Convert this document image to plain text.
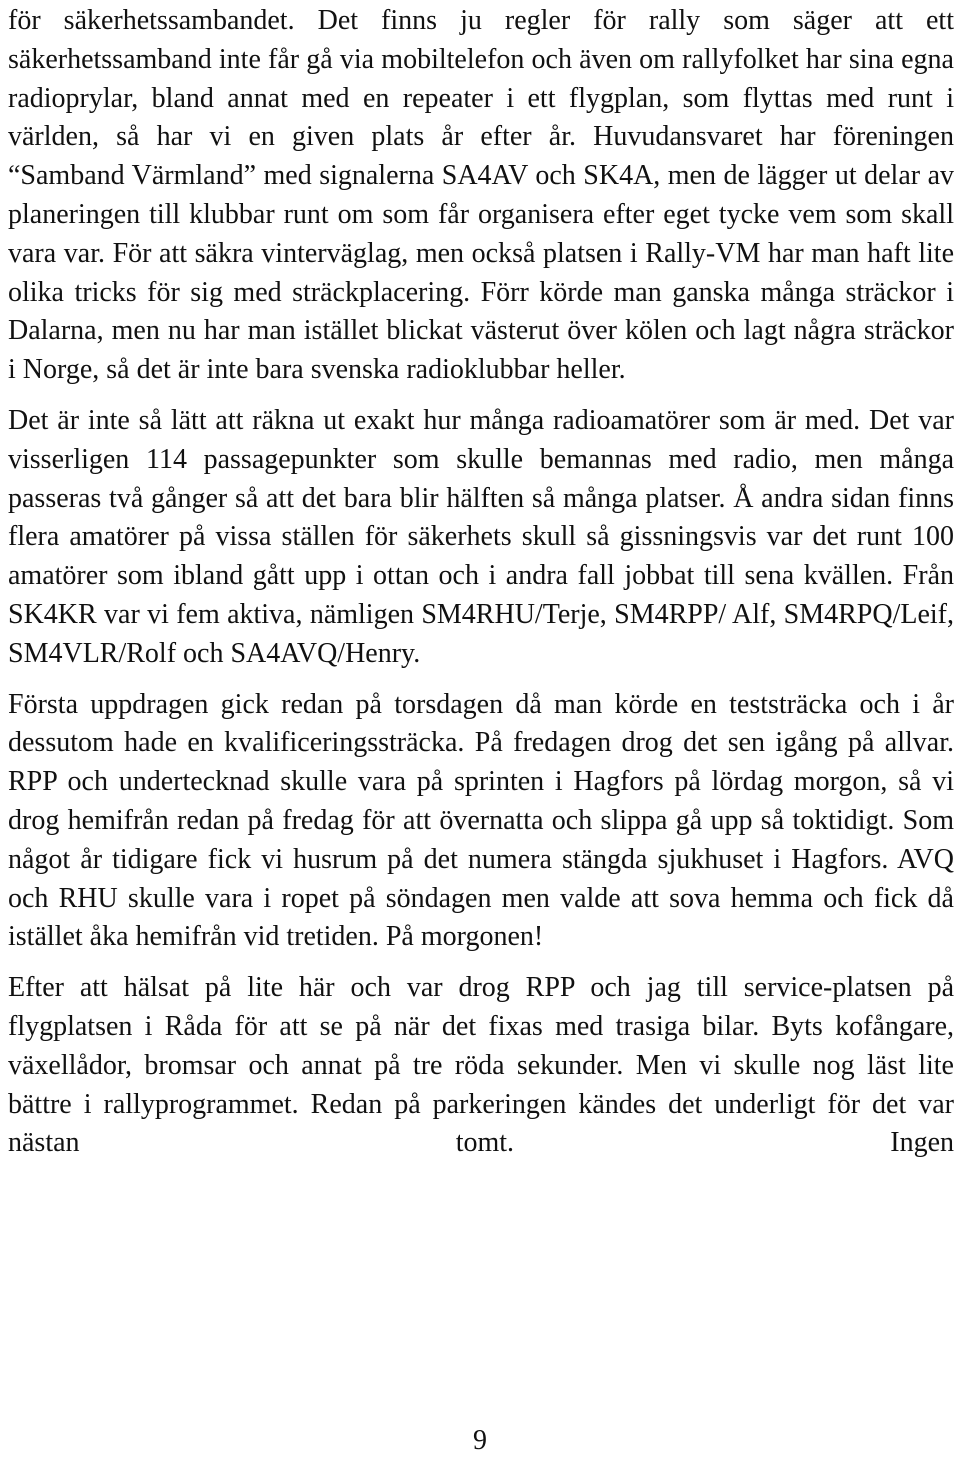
för säkerhetssambandet. Det finns ju regler för rally som säger att ett säkerhetssamband inte får gå via mobiltelefon och även om rallyfolket har sina egna radioprylar, bland annat med en repeater i ett flygplan, som flyttas med runt i världen, så har vi en given plats år efter år. Huvudansvaret har föreningen “Samband Värmland” med signalerna SA4AV och SK4A, men de lägger ut delar av planeringen till klubbar runt om som får organisera efter eget tycke vem som skall vara var. För att säkra vinterväglag, men också platsen i Rally-VM har man haft lite olika tricks för sig med sträckplacering. Förr körde man ganska många sträckor i Dalarna, men nu har man istället blickat västerut över kölen och lagt några sträckor i Norge, så det är inte bara svenska radioklubbar heller.

Det är inte så lätt att räkna ut exakt hur många radioamatörer som är med. Det var visserligen 114 passagepunkter som skulle bemannas med radio, men många passeras två gånger så att det bara blir hälften så många platser. Å andra sidan finns flera amatörer på vissa ställen för säkerhets skull så gissningsvis var det runt 100 amatörer som ibland gått upp i ottan och i andra fall jobbat till sena kvällen. Från SK4KR var vi fem aktiva, nämligen SM4RHU/Terje, SM4RPP/ Alf, SM4RPQ/Leif, SM4VLR/Rolf och SA4AVQ/Henry.

Första uppdragen gick redan på torsdagen då man körde en teststräcka och i år dessutom hade en kvalificeringssträcka. På fredagen drog det sen igång på allvar. RPP och undertecknad skulle vara på sprinten i Hagfors på lördag morgon, så vi drog hemifrån redan på fredag för att övernatta och slippa gå upp så toktidigt. Som något år tidigare fick vi husrum på det numera stängda sjukhuset i Hagfors. AVQ och RHU skulle vara i ropet på söndagen men valde att sova hemma och fick då istället åka hemifrån vid tretiden. På morgonen!

Efter att hälsat på lite här och var drog RPP och jag till service-platsen på flygplatsen i Råda för att se på när det fixas med trasiga bilar. Byts kofångare, växellådor, bromsar och annat på tre röda sekunder. Men vi skulle nog läst lite bättre i rallyprogrammet. Redan på parkeringen kändes det underligt för det var nästan tomt. Ingen

9
